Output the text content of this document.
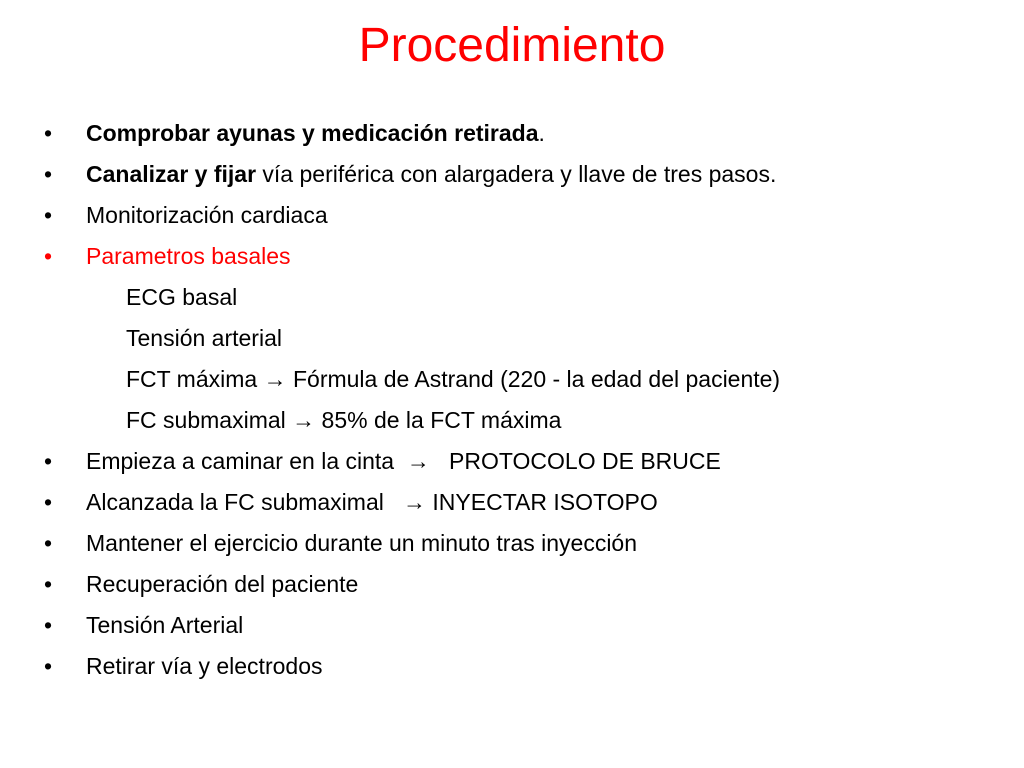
Procedimiento
•	Comprobar ayunas y medicación retirada.
•	Canalizar y fijar vía periférica con alargadera y llave de tres pasos.
•	Monitorización cardiaca
•	Parametros basales
ECG basal
Tensión arterial
FCT máxima → Fórmula de Astrand (220 - la edad del paciente)
FC submaximal → 85% de la FCT máxima
•	Empieza a caminar en la cinta  →   PROTOCOLO DE BRUCE
•	Alcanzada la FC submaximal   → INYECTAR ISOTOPO
•	Mantener el ejercicio durante un minuto tras inyección
•	Recuperación del paciente
•	Tensión Arterial
•	Retirar vía y electrodos
